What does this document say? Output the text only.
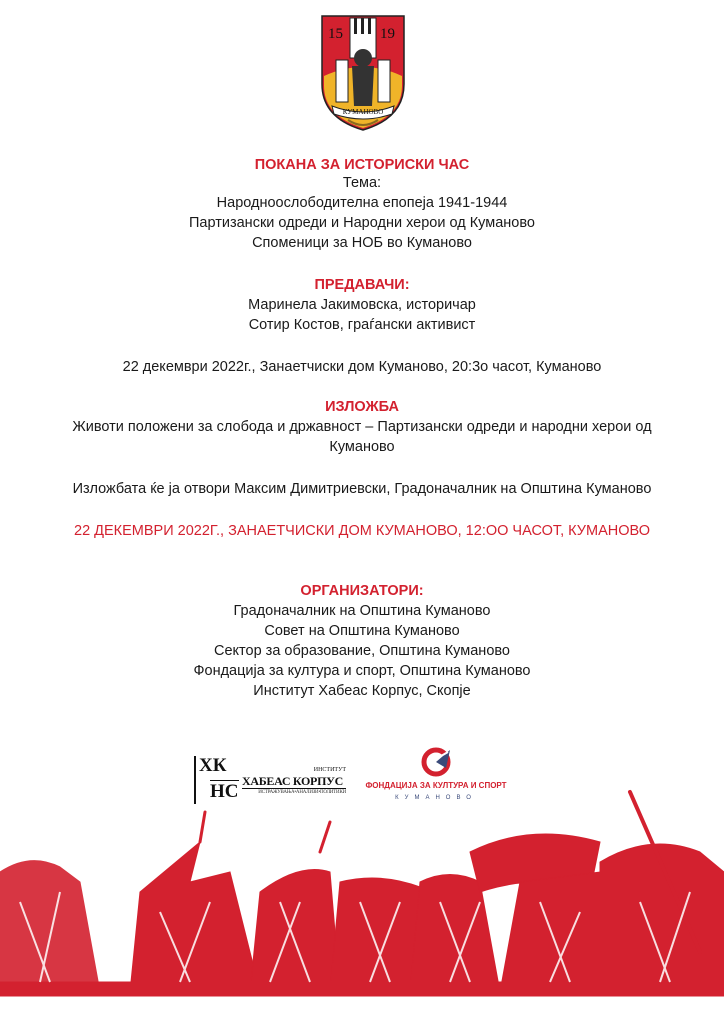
15 19
КУМАНОВО
ПОКАНА ЗА ИСТОРИСКИ ЧАС
Тема:
Народноослободителна епопеја 1941-1944
Партизански одреди и Народни херои од Куманово
Споменици за НОБ во Куманово
ПРЕДАВАЧИ:
Маринела Јакимовска, историчар
Сотир Костов, граѓански активист
22 декември 2022г., Занаетчиски дом Куманово, 20:3о часот, Куманово
ИЗЛОЖБА
Животи положени за слобода и државност – Партизански одреди и народни херои од
Куманово
Изложбата ќе ја отвори Максим Димитриевски, Градоначалник на Општина Куманово
22 ДЕКЕМВРИ 2022Г., ЗАНАЕТЧИСКИ ДОМ КУМАНОВО, 12:ОО ЧАСОТ, КУМАНОВО
ОРГАНИЗАТОРИ:
Градоначалник на Општина Куманово
Совет на Општина Куманово
Сектор за образование, Општина Куманово
Фондација за култура и спорт, Општина Куманово
Институт Хабеас Корпус, Скопје
ХК
НС
ИНСТИТУТ
ХАБЕАС КОРПУС
ИСТРАЖУВАЊА•АНАЛИЗИ•ПОЛИТИКИ
ФОНДАЦИЈА ЗА КУЛТУРА И СПОРТ
КУМАНОВО
